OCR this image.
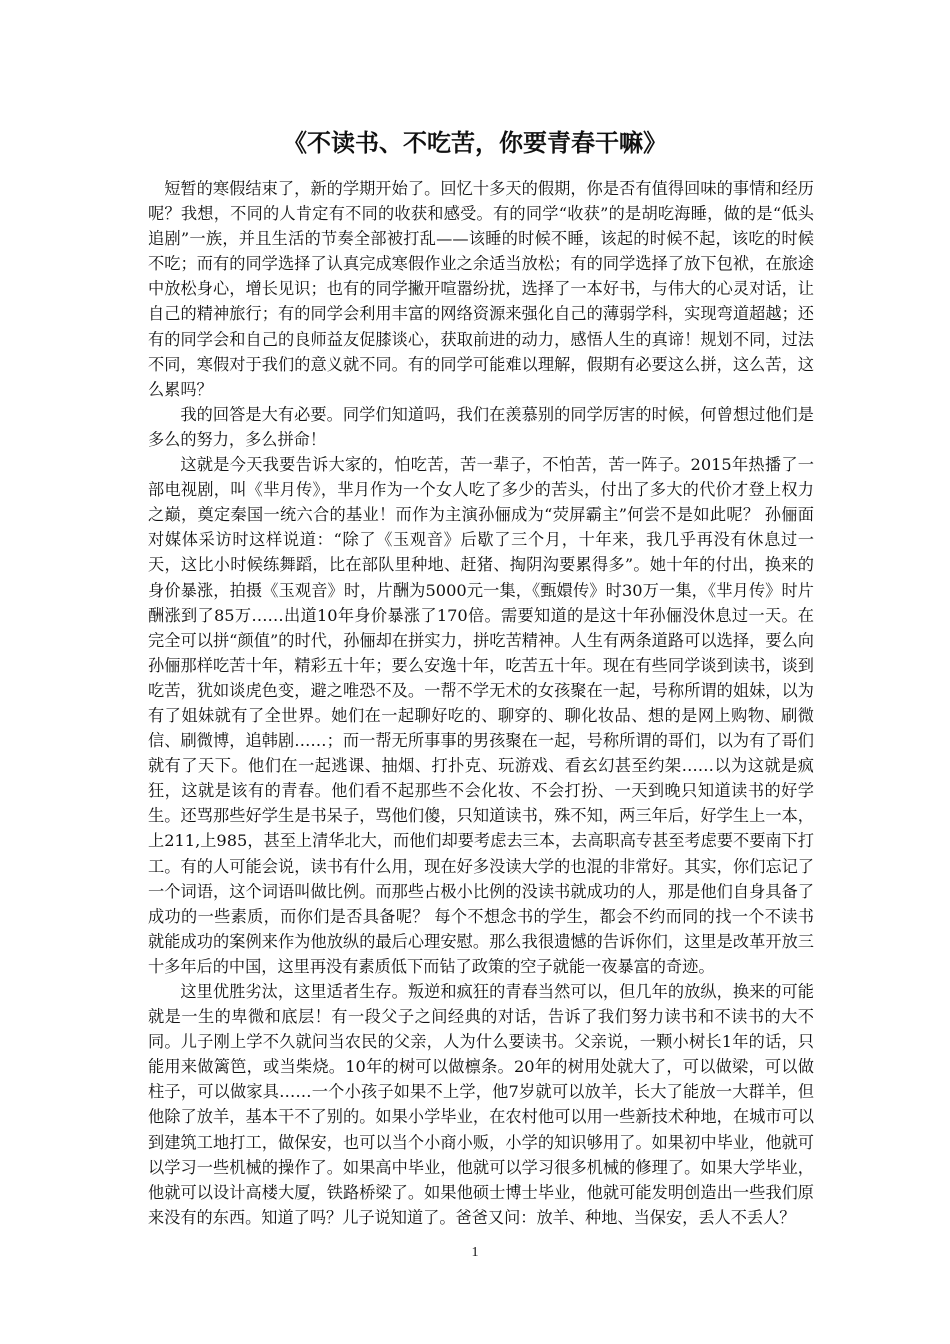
《不读书、不吃苦，你要青春干嘛》

短暂的寒假结束了，新的学期开始了。回忆十多天的假期，你是否有值得回味的事情和经历呢？我想，不同的人肯定有不同的收获和感受。有的同学“收获”的是胡吃海睡，做的是“低头追剧”一族，并且生活的节奏全部被打乱——该睡的时候不睡，该起的时候不起，该吃的时候不吃；而有的同学选择了认真完成寒假作业之余适当放松；有的同学选择了放下包袱，在旅途中放松身心，增长见识；也有的同学撇开喧嚣纷扰，选择了一本好书，与伟大的心灵对话，让自己的精神旅行；有的同学会利用丰富的网络资源来强化自己的薄弱学科，实现弯道超越；还有的同学会和自己的良师益友促膝谈心，获取前进的动力，感悟人生的真谛！规划不同，过法不同，寒假对于我们的意义就不同。有的同学可能难以理解，假期有必要这么拼，这么苦，这么累吗？

我的回答是大有必要。同学们知道吗，我们在羡慕别的同学厉害的时候，何曾想过他们是多么的努力，多么拼命！

这就是今天我要告诉大家的，怕吃苦，苦一辈子，不怕苦，苦一阵子。2015年热播了一部电视剧，叫《芈月传》，芈月作为一个女人吃了多少的苦头，付出了多大的代价才登上权力之巅，奠定秦国一统六合的基业！而作为主演孙俪成为“荧屏霸主”何尝不是如此呢？ 孙俪面对媒体采访时这样说道：“除了《玉观音》后歇了三个月，十年来，我几乎再没有休息过一天，这比小时候练舞蹈，比在部队里种地、赶猪、掏阴沟要累得多”。她十年的付出，换来的身价暴涨，拍摄《玉观音》时，片酬为5000元一集，《甄嬛传》时30万一集，《芈月传》时片酬涨到了85万……出道10年身价暴涨了170倍。需要知道的是这十年孙俪没休息过一天。在完全可以拼“颜值”的时代，孙俪却在拼实力，拼吃苦精神。人生有两条道路可以选择，要么向孙俪那样吃苦十年，精彩五十年；要么安逸十年，吃苦五十年。现在有些同学谈到读书，谈到吃苦，犹如谈虎色变，避之唯恐不及。一帮不学无术的女孩聚在一起，号称所谓的姐妹，以为有了姐妹就有了全世界。她们在一起聊好吃的、聊穿的、聊化妆品、想的是网上购物、刷微信、刷微博，追韩剧……；而一帮无所事事的男孩聚在一起，号称所谓的哥们，以为有了哥们就有了天下。他们在一起逃课、抽烟、打扑克、玩游戏、看玄幻甚至约架……以为这就是疯狂，这就是该有的青春。他们看不起那些不会化妆、不会打扮、一天到晚只知道读书的好学生。还骂那些好学生是书呆子，骂他们傻，只知道读书，殊不知，两三年后，好学生上一本，上211,上985，甚至上清华北大，而他们却要考虑去三本，去高职高专甚至考虑要不要南下打工。有的人可能会说，读书有什么用，现在好多没读大学的也混的非常好。其实，你们忘记了一个词语，这个词语叫做比例。而那些占极小比例的没读书就成功的人，那是他们自身具备了成功的一些素质，而你们是否具备呢？ 每个不想念书的学生，都会不约而同的找一个不读书就能成功的案例来作为他放纵的最后心理安慰。那么我很遗憾的告诉你们，这里是改革开放三十多年后的中国，这里再没有素质低下而钻了政策的空子就能一夜暴富的奇迹。

这里优胜劣汰，这里适者生存。叛逆和疯狂的青春当然可以，但几年的放纵，换来的可能就是一生的卑微和底层！有一段父子之间经典的对话，告诉了我们努力读书和不读书的大不同。儿子刚上学不久就问当农民的父亲，人为什么要读书。父亲说，一颗小树长1年的话，只能用来做篱笆，或当柴烧。10年的树可以做檩条。20年的树用处就大了，可以做梁，可以做柱子，可以做家具……一个小孩子如果不上学，他7岁就可以放羊，长大了能放一大群羊，但他除了放羊，基本干不了别的。如果小学毕业，在农村他可以用一些新技术种地，在城市可以到建筑工地打工，做保安，也可以当个小商小贩，小学的知识够用了。如果初中毕业，他就可以学习一些机械的操作了。如果高中毕业，他就可以学习很多机械的修理了。如果大学毕业，他就可以设计高楼大厦，铁路桥梁了。如果他硕士博士毕业，他就可能发明创造出一些我们原来没有的东西。知道了吗？儿子说知道了。爸爸又问：放羊、种地、当保安，丢人不丢人？

1
